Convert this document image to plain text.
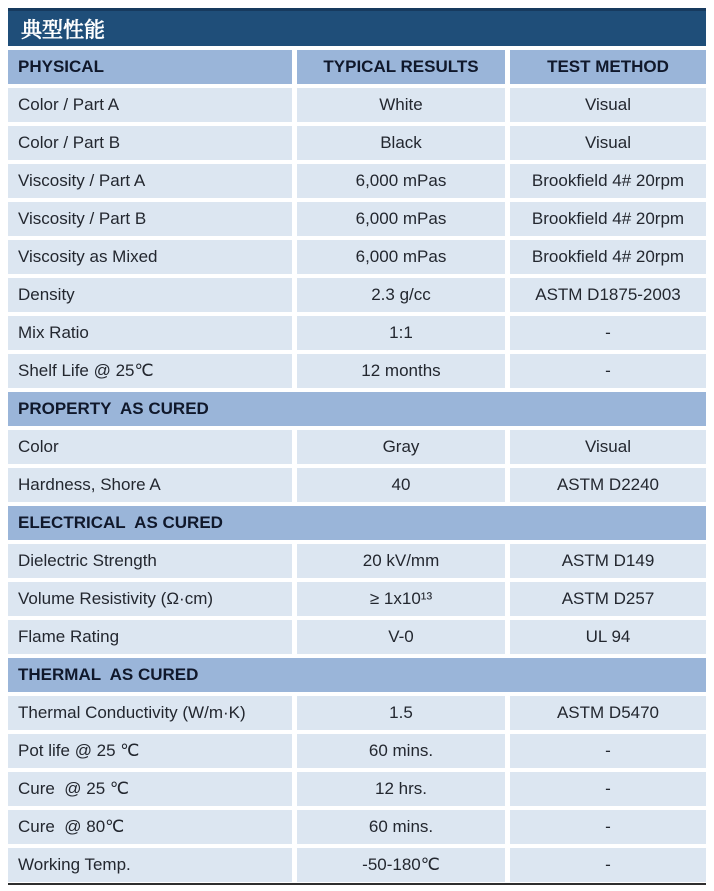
典型性能
PHYSICAL	TYPICAL RESULTS	TEST METHOD
Color / Part A	White	Visual
Color / Part B	Black	Visual
Viscosity / Part A	6,000 mPas	Brookfield 4# 20rpm
Viscosity / Part B	6,000 mPas	Brookfield 4# 20rpm
Viscosity as Mixed	6,000 mPas	Brookfield 4# 20rpm
Density	2.3 g/cc	ASTM D1875-2003
Mix Ratio	1:1	-
Shelf Life @ 25℃	12 months	-
PROPERTY  AS CURED
Color	Gray	Visual
Hardness, Shore A	40	ASTM D2240
ELECTRICAL  AS CURED
Dielectric Strength	20 kV/mm	ASTM D149
Volume Resistivity (Ω·cm)	≥ 1x10¹³	ASTM D257
Flame Rating	V-0	UL 94
THERMAL  AS CURED
Thermal Conductivity (W/m·K)	1.5	ASTM D5470
Pot life @ 25 ℃	60 mins.	-
Cure  @ 25 ℃	12 hrs.	-
Cure  @ 80℃	60 mins.	-
Working Temp.	-50-180℃	-
